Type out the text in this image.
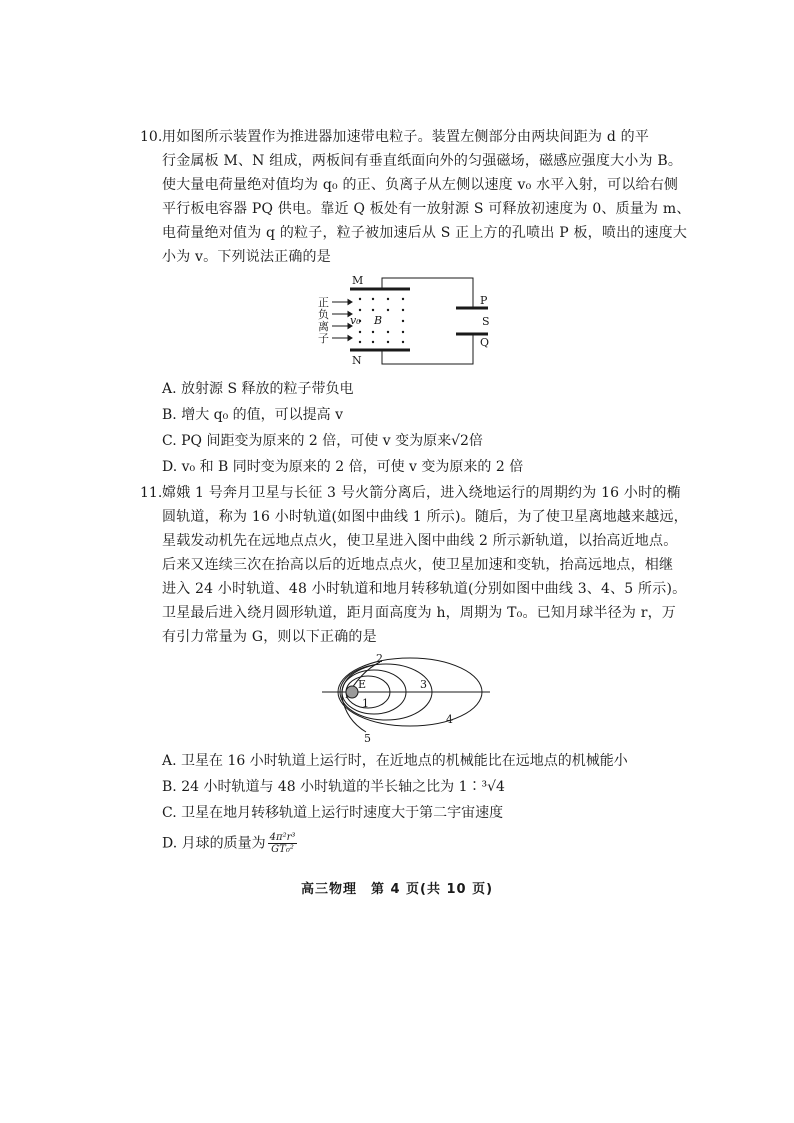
10. 用如图所示装置作为推进器加速带电粒子。装置左侧部分由两块间距为 d 的平
行金属板 M、N 组成，两板间有垂直纸面向外的匀强磁场，磁感应强度大小为 B。
使大量电荷量绝对值均为 q₀ 的正、负离子从左侧以速度 v₀ 水平入射，可以给右侧
平行板电容器 PQ 供电。靠近 Q 板处有一放射源 S 可释放初速度为 0、质量为 m、
电荷量绝对值为 q 的粒子，粒子被加速后从 S 正上方的孔喷出 P 板，喷出的速度大
小为 v。下列说法正确的是
M
N
P
S
Q
v₀ B
正
负
离
子
A. 放射源 S 释放的粒子带负电
B. 增大 q₀ 的值，可以提高 v
C. PQ 间距变为原来的 2 倍，可使 v 变为原来√2倍
D. v₀ 和 B 同时变为原来的 2 倍，可使 v 变为原来的 2 倍
11. 嫦娥 1 号奔月卫星与长征 3 号火箭分离后，进入绕地运行的周期约为 16 小时的椭
圆轨道，称为 16 小时轨道(如图中曲线 1 所示)。随后，为了使卫星离地越来越远，
星载发动机先在远地点点火，使卫星进入图中曲线 2 所示新轨道，以抬高近地点。
后来又连续三次在抬高以后的近地点点火，使卫星加速和变轨，抬高远地点，相继
进入 24 小时轨道、48 小时轨道和地月转移轨道(分别如图中曲线 3、4、5 所示)。
卫星最后进入绕月圆形轨道，距月面高度为 h，周期为 T₀。已知月球半径为 r，万
有引力常量为 G，则以下正确的是
E
1
2
3
4
5
A. 卫星在 16 小时轨道上运行时，在近地点的机械能比在远地点的机械能小
B. 24 小时轨道与 48 小时轨道的半长轴之比为 1∶³√4
C. 卫星在地月转移轨道上运行时速度大于第二宇宙速度
D. 月球的质量为 $\frac{\text{4π²r³}}{\text{GT₀²}}$
高三物理　第 4 页(共 10 页)
